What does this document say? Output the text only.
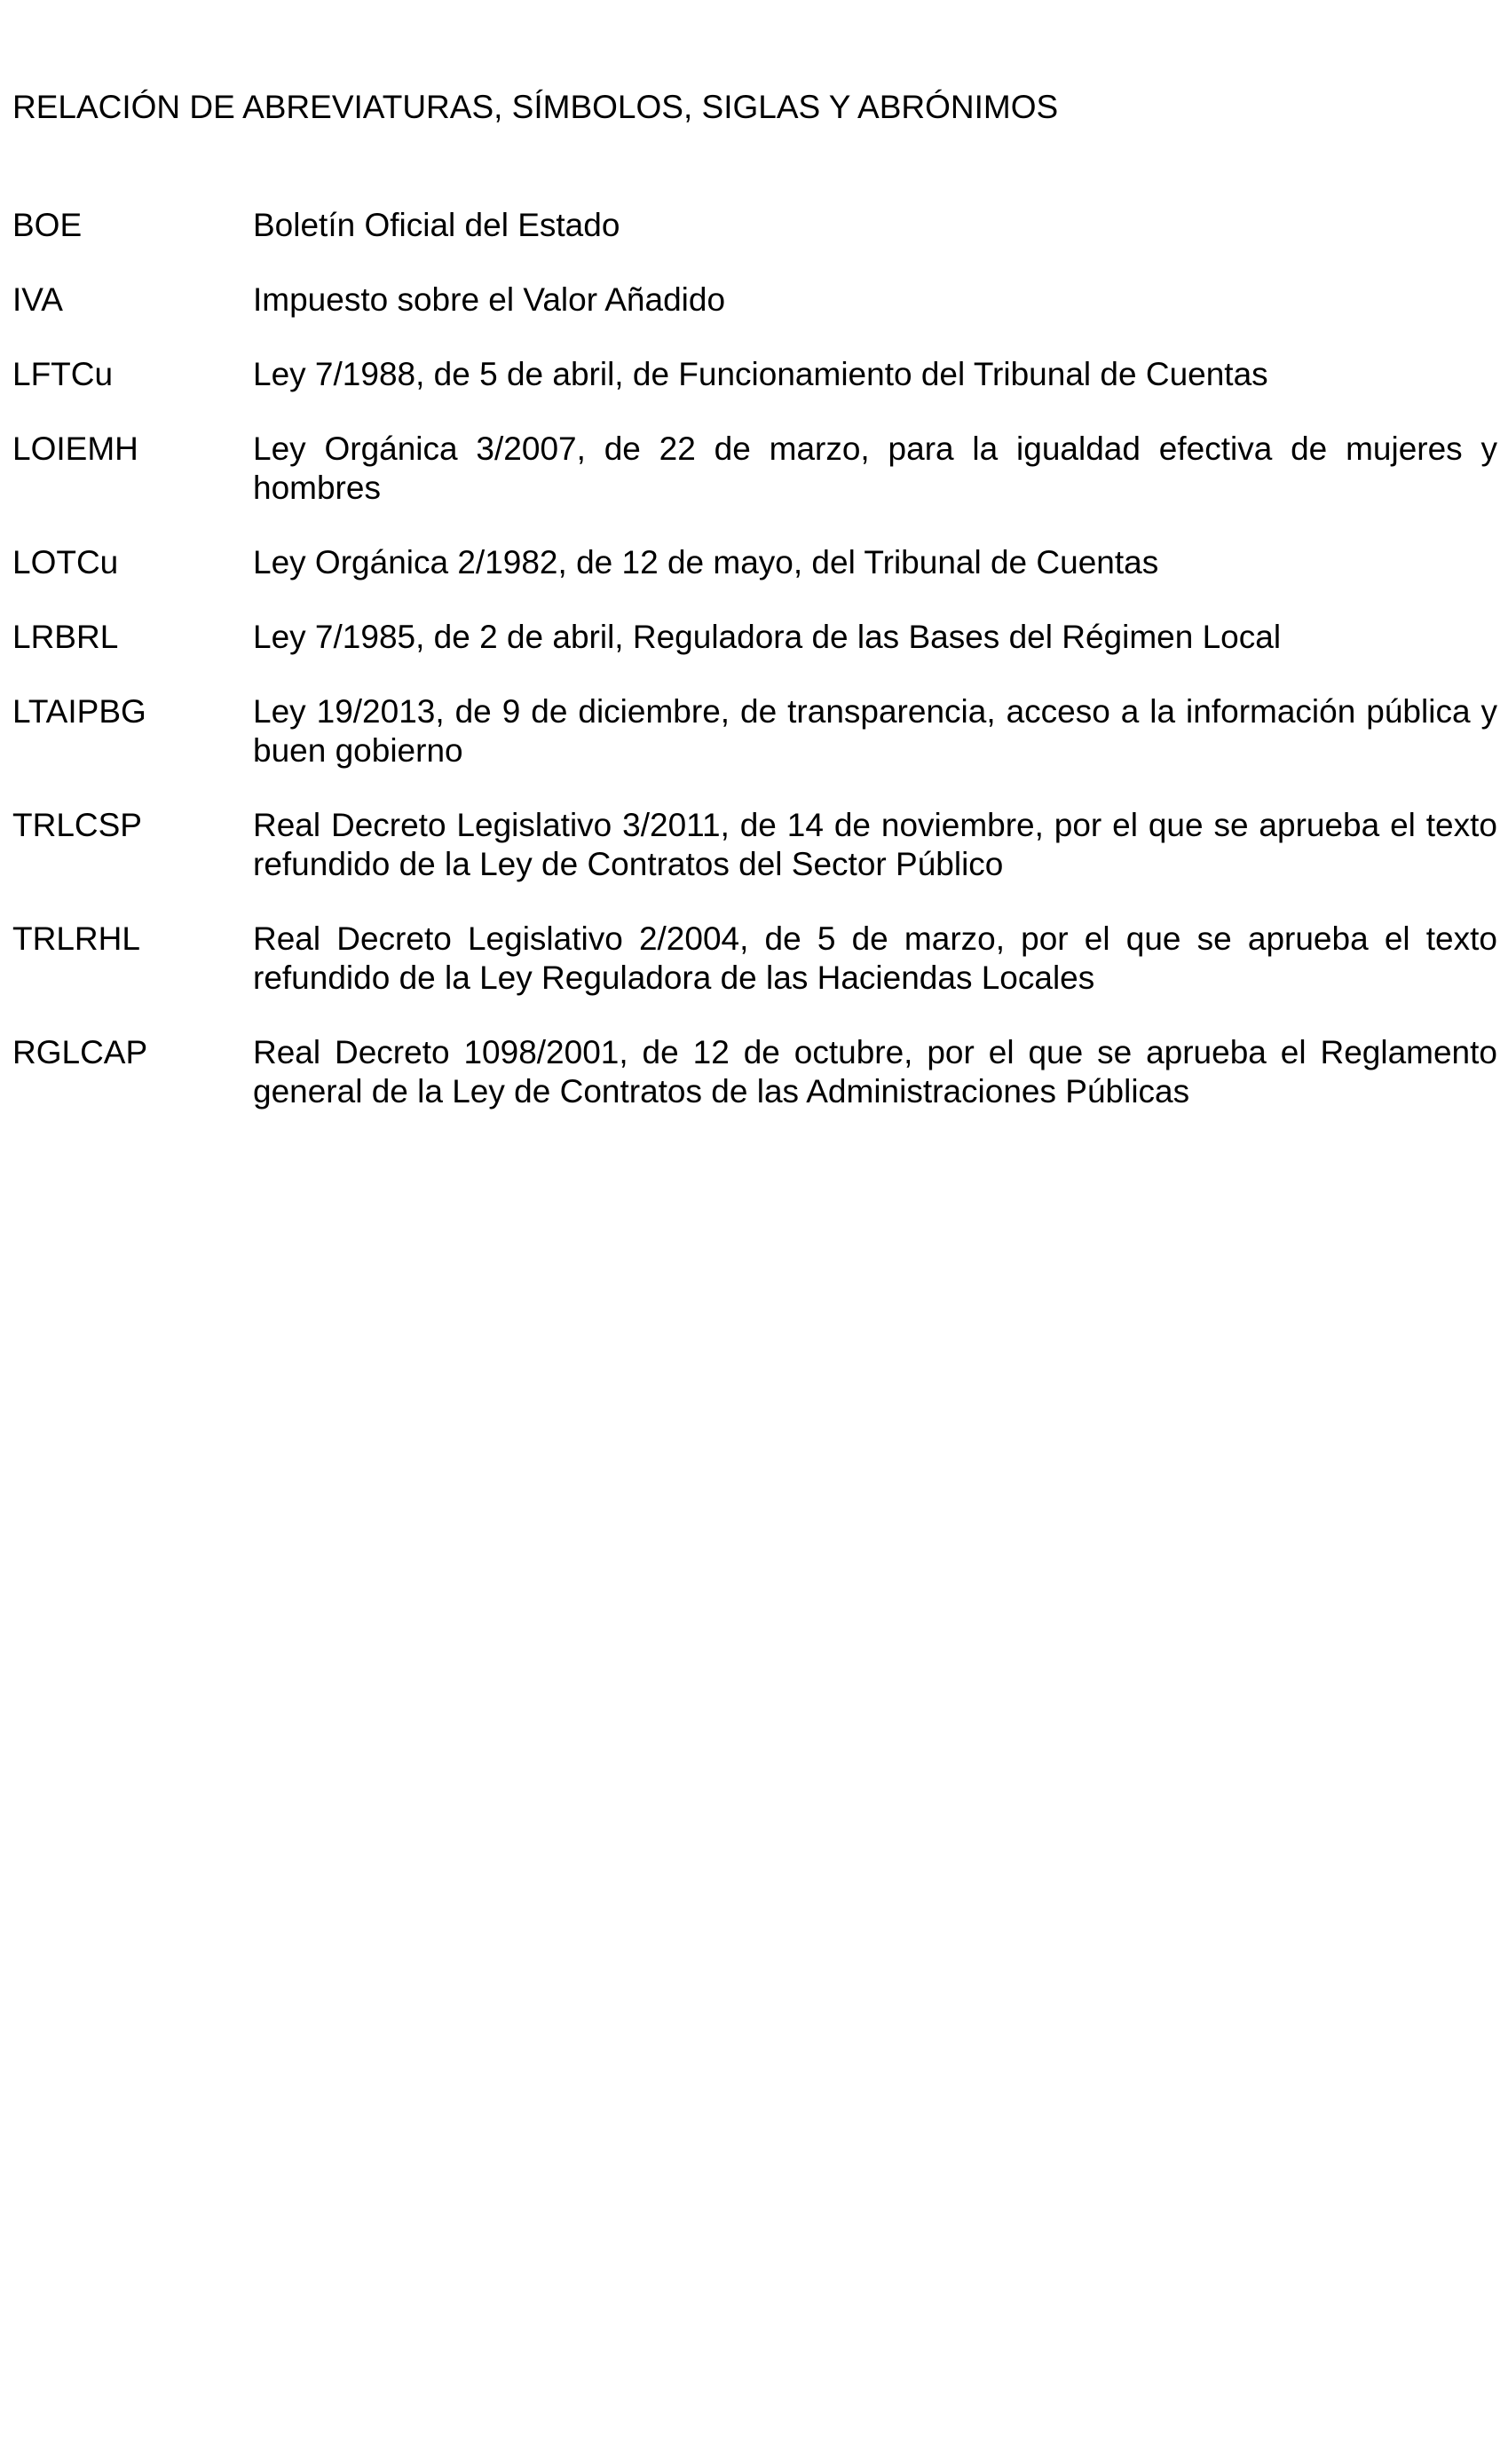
RELACIÓN DE ABREVIATURAS, SÍMBOLOS, SIGLAS Y ABRÓNIMOS
BOE	Boletín Oficial del Estado
IVA	Impuesto sobre el Valor Añadido
LFTCu	Ley 7/1988, de 5 de abril, de Funcionamiento del Tribunal de Cuentas
LOIEMH	Ley Orgánica 3/2007, de 22 de marzo, para la igualdad efectiva de mujeres y hombres
LOTCu	Ley Orgánica 2/1982, de 12 de mayo, del Tribunal de Cuentas
LRBRL	Ley 7/1985, de 2 de abril, Reguladora de las Bases del Régimen Local
LTAIPBG	Ley 19/2013, de 9 de diciembre, de transparencia, acceso a la información pública y buen gobierno
TRLCSP	Real Decreto Legislativo 3/2011, de 14 de noviembre, por el que se aprueba el texto refundido de la Ley de Contratos del Sector Público
TRLRHL	Real Decreto Legislativo 2/2004, de 5 de marzo, por el que se aprueba el texto refundido de la Ley Reguladora de las Haciendas Locales
RGLCAP	Real Decreto 1098/2001, de 12 de octubre, por el que se aprueba el Reglamento general de la Ley de Contratos de las Administraciones Públicas
